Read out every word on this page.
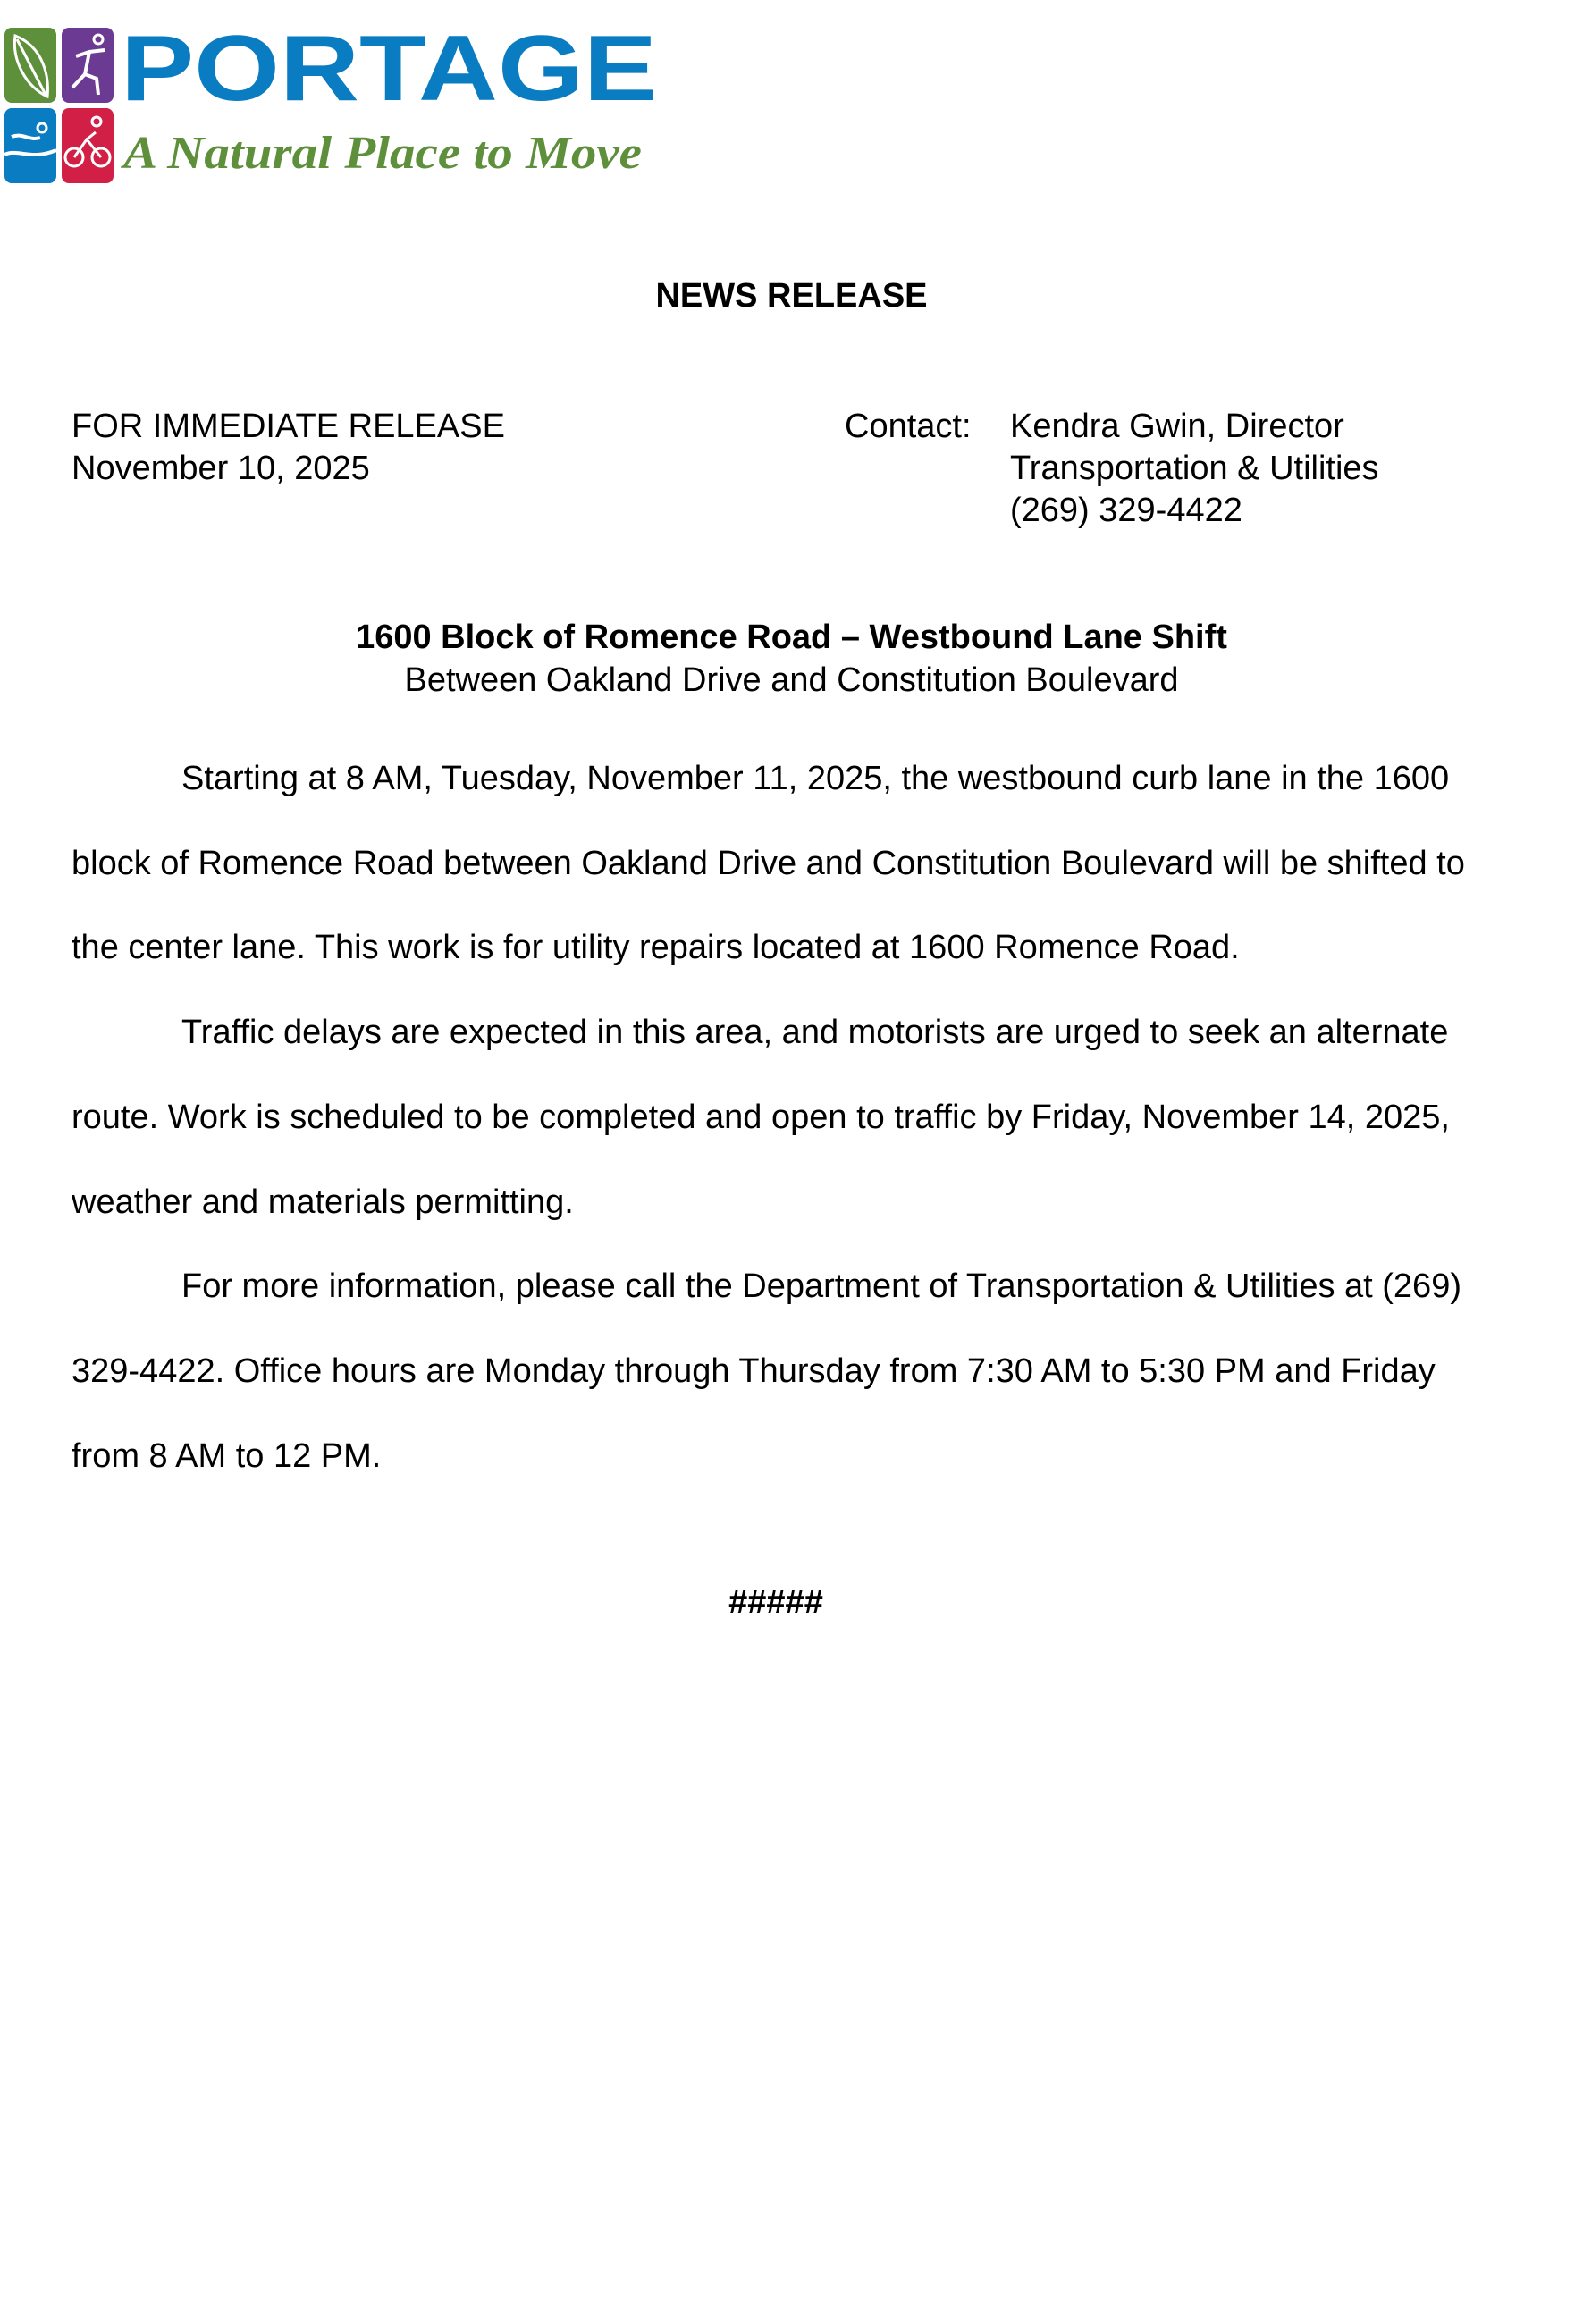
PORTAGE
A Natural Place to Move
NEWS RELEASE
FOR IMMEDIATE RELEASE
November 10, 2025
Contact: Kendra Gwin, Director
Transportation & Utilities
(269) 329-4422
1600 Block of Romence Road – Westbound Lane Shift
Between Oakland Drive and Constitution Boulevard

Starting at 8 AM, Tuesday, November 11, 2025, the westbound curb lane in the 1600 block of Romence Road between Oakland Drive and Constitution Boulevard will be shifted to the center lane. This work is for utility repairs located at 1600 Romence Road.

Traffic delays are expected in this area, and motorists are urged to seek an alternate route. Work is scheduled to be completed and open to traffic by Friday, November 14, 2025, weather and materials permitting.

For more information, please call the Department of Transportation & Utilities at (269) 329-4422. Office hours are Monday through Thursday from 7:30 AM to 5:30 PM and Friday from 8 AM to 12 PM.

#####
